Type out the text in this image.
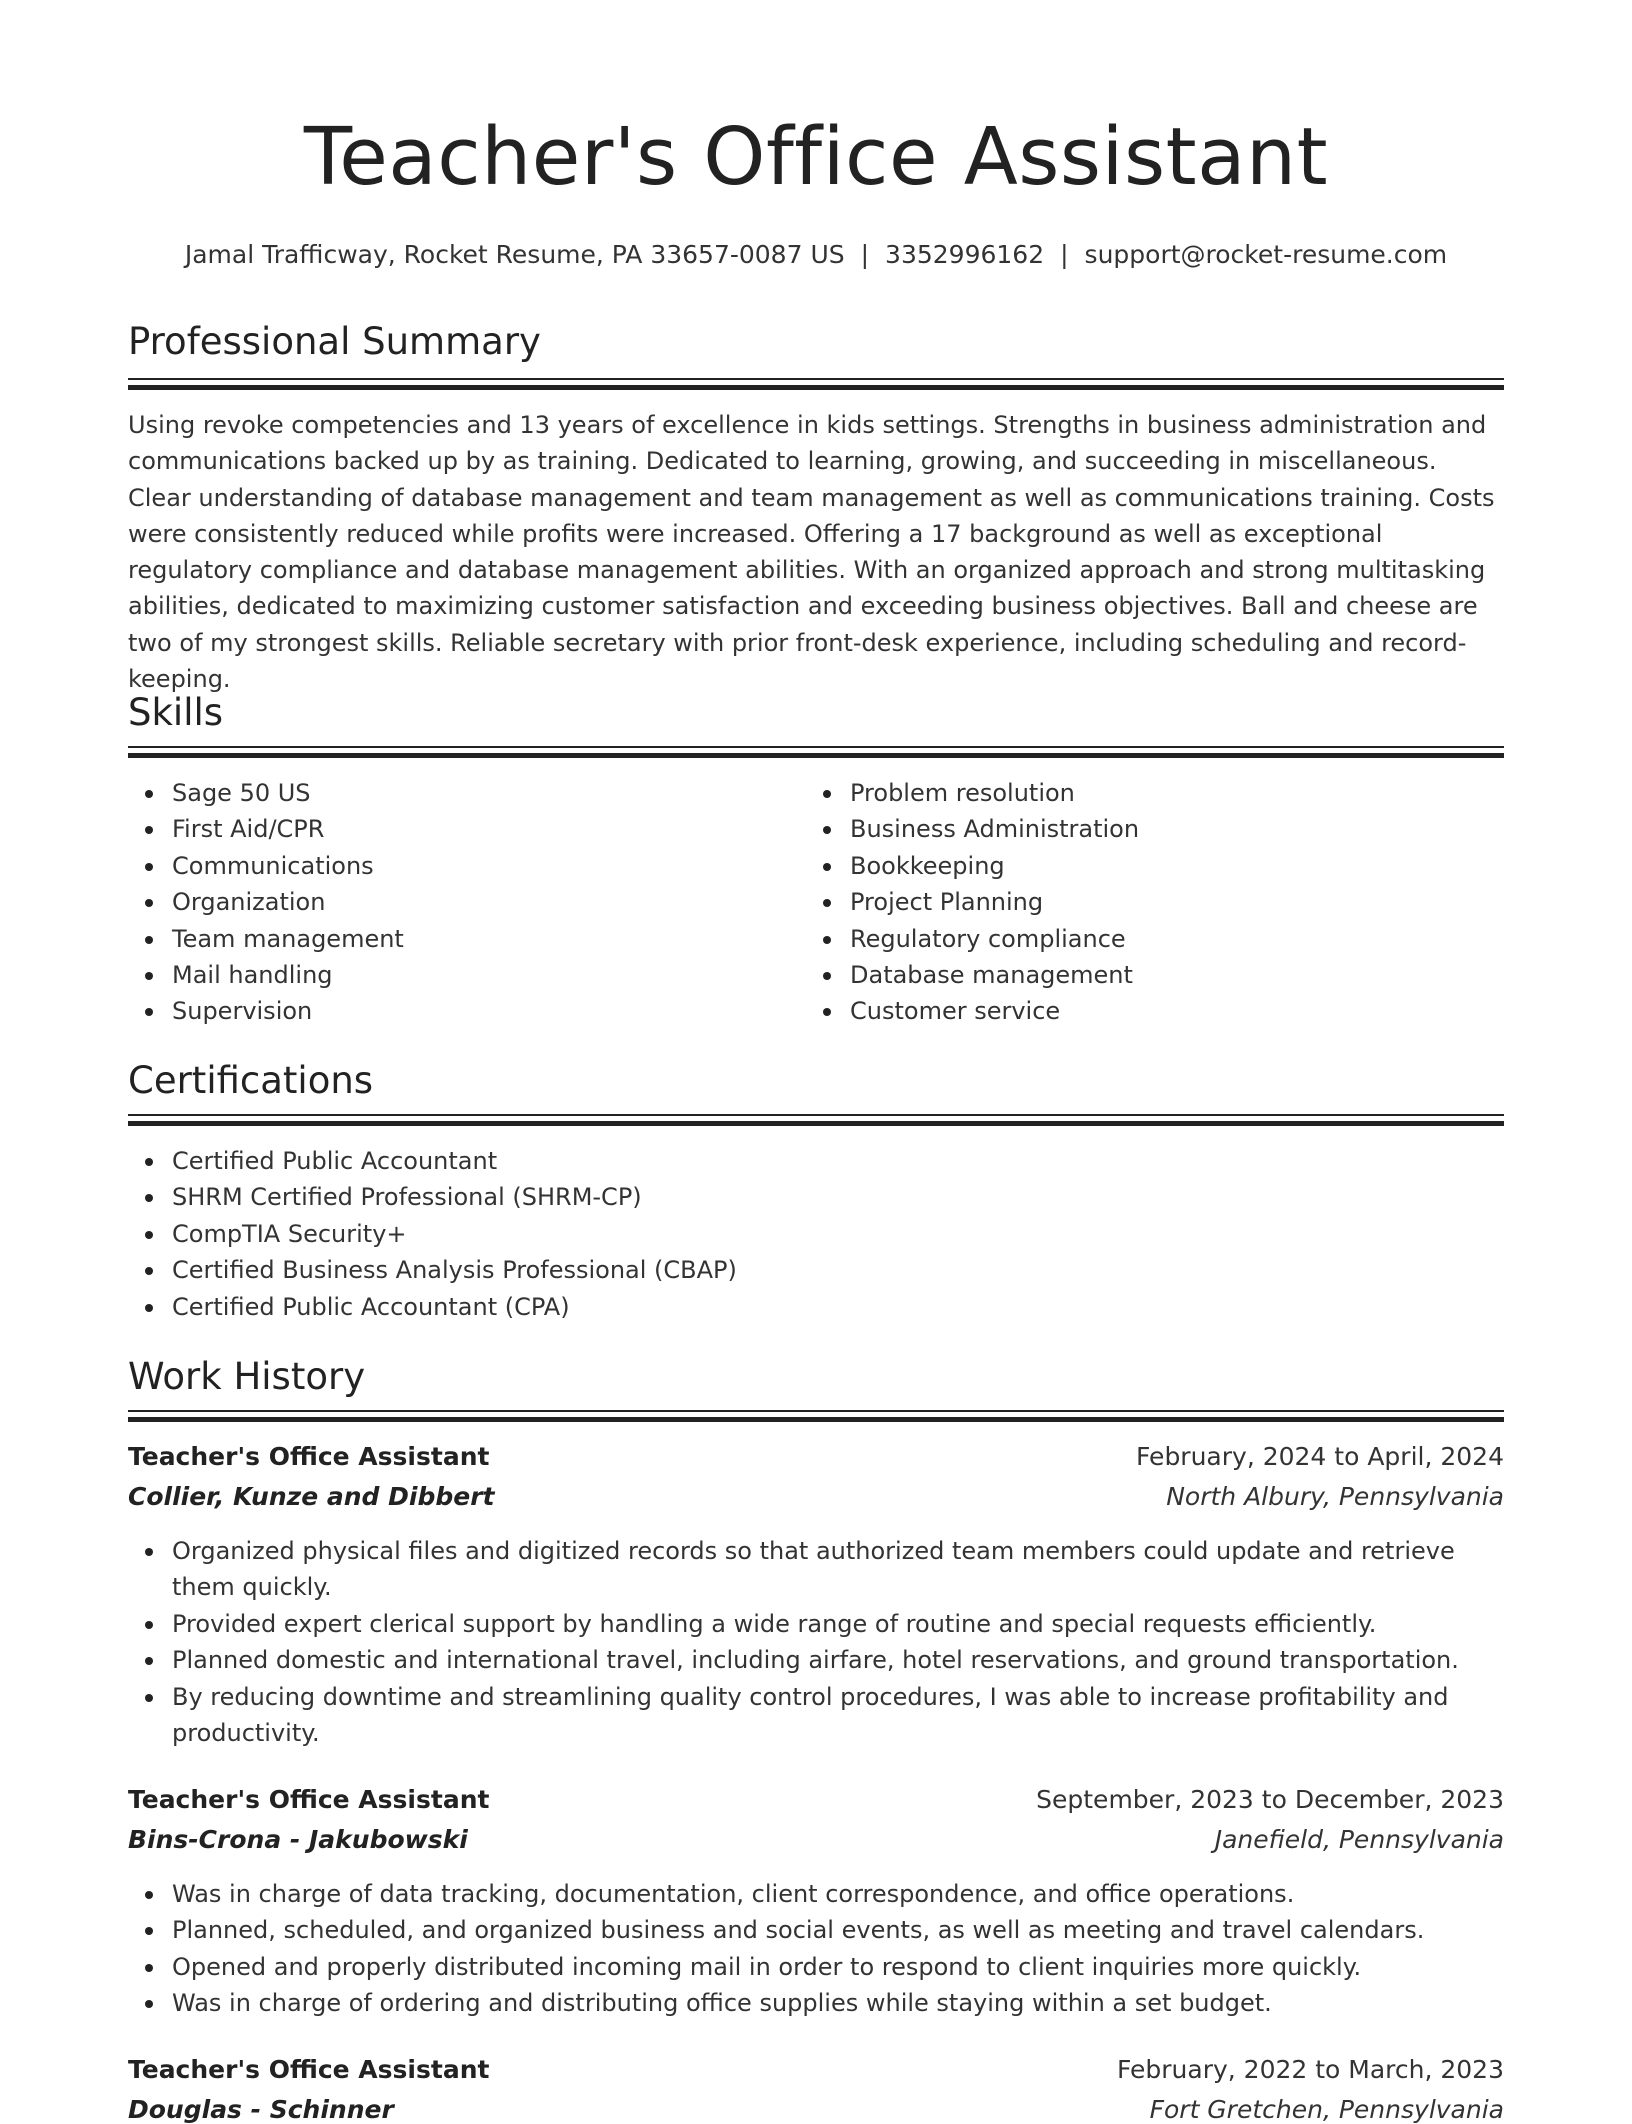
Teacher's Office Assistant
Jamal Trafficway, Rocket Resume, PA 33657-0087 US | 3352996162 | support@rocket-resume.com
Professional Summary

Using revoke competencies and 13 years of excellence in kids settings. Strengths in business administration and communications backed up by as training. Dedicated to learning, growing, and succeeding in miscellaneous. Clear understanding of database management and team management as well as communications training. Costs were consistently reduced while profits were increased. Offering a 17 background as well as exceptional regulatory compliance and database management abilities. With an organized approach and strong multitasking abilities, dedicated to maximizing customer satisfaction and exceeding business objectives. Ball and cheese are two of my strongest skills. Reliable secretary with prior front-desk experience, including scheduling and record-keeping.

Skills
Sage 50 US
First Aid/CPR
Communications
Organization
Team management
Mail handling
Supervision
Problem resolution
Business Administration
Bookkeeping
Project Planning
Regulatory compliance
Database management
Customer service
Certifications
Certified Public Accountant
SHRM Certified Professional (SHRM-CP)
CompTIA Security+
Certified Business Analysis Professional (CBAP)
Certified Public Accountant (CPA)
Work History
Teacher's Office Assistant	February, 2024 to April, 2024
Collier, Kunze and Dibbert	North Albury, Pennsylvania
Organized physical files and digitized records so that authorized team members could update and retrieve them quickly.
Provided expert clerical support by handling a wide range of routine and special requests efficiently.
Planned domestic and international travel, including airfare, hotel reservations, and ground transportation.
By reducing downtime and streamlining quality control procedures, I was able to increase profitability and productivity.
Teacher's Office Assistant	September, 2023 to December, 2023
Bins-Crona - Jakubowski	Janefield, Pennsylvania
Was in charge of data tracking, documentation, client correspondence, and office operations.
Planned, scheduled, and organized business and social events, as well as meeting and travel calendars.
Opened and properly distributed incoming mail in order to respond to client inquiries more quickly.
Was in charge of ordering and distributing office supplies while staying within a set budget.
Teacher's Office Assistant	February, 2022 to March, 2023
Douglas - Schinner	Fort Gretchen, Pennsylvania
